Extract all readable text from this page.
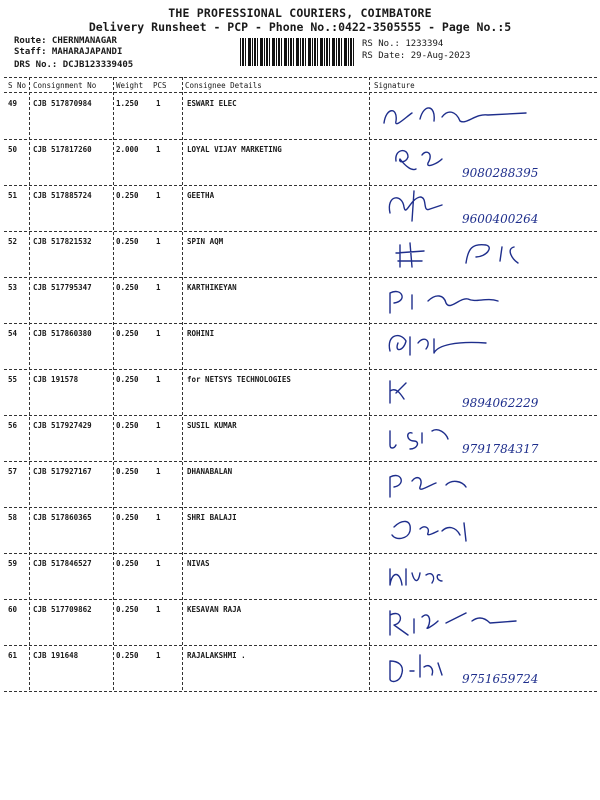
THE PROFESSIONAL COURIERS, COIMBATORE
Delivery Runsheet - PCP - Phone No.:0422-3505555 - Page No.:5
Route: CHERNMANAGAR
Staff: MAHARAJAPANDI
DRS No.: DCJB123339405
RS No.: 1233394
RS Date: 29-Aug-2023
S No Consignment No	Weight PCS Consignee Details	Signature
49 CJB 517870984	1.250 1	ESWARI ELEC
50 CJB 517817260	2.000 1	LOYAL VIJAY MARKETING
9080288395
51 CJB 517885724	0.250 1	GEETHA
9600400264
52 CJB 517821532	0.250 1	SPIN AQM
53 CJB 517795347	0.250 1	KARTHIKEYAN
54 CJB 517860380	0.250 1	ROHINI
55 CJB 191578	0.250 1	for NETSYS TECHNOLOGIES
9894062229
56 CJB 517927429	0.250 1	SUSIL KUMAR
9791784317
57 CJB 517927167	0.250 1	DHANABALAN
58 CJB 517860365	0.250 1	SHRI BALAJI
59 CJB 517846527	0.250 1	NIVAS
60 CJB 517709862	0.250 1	KESAVAN RAJA
61 CJB 191648	0.250 1	RAJALAKSHMI .
9751659724
